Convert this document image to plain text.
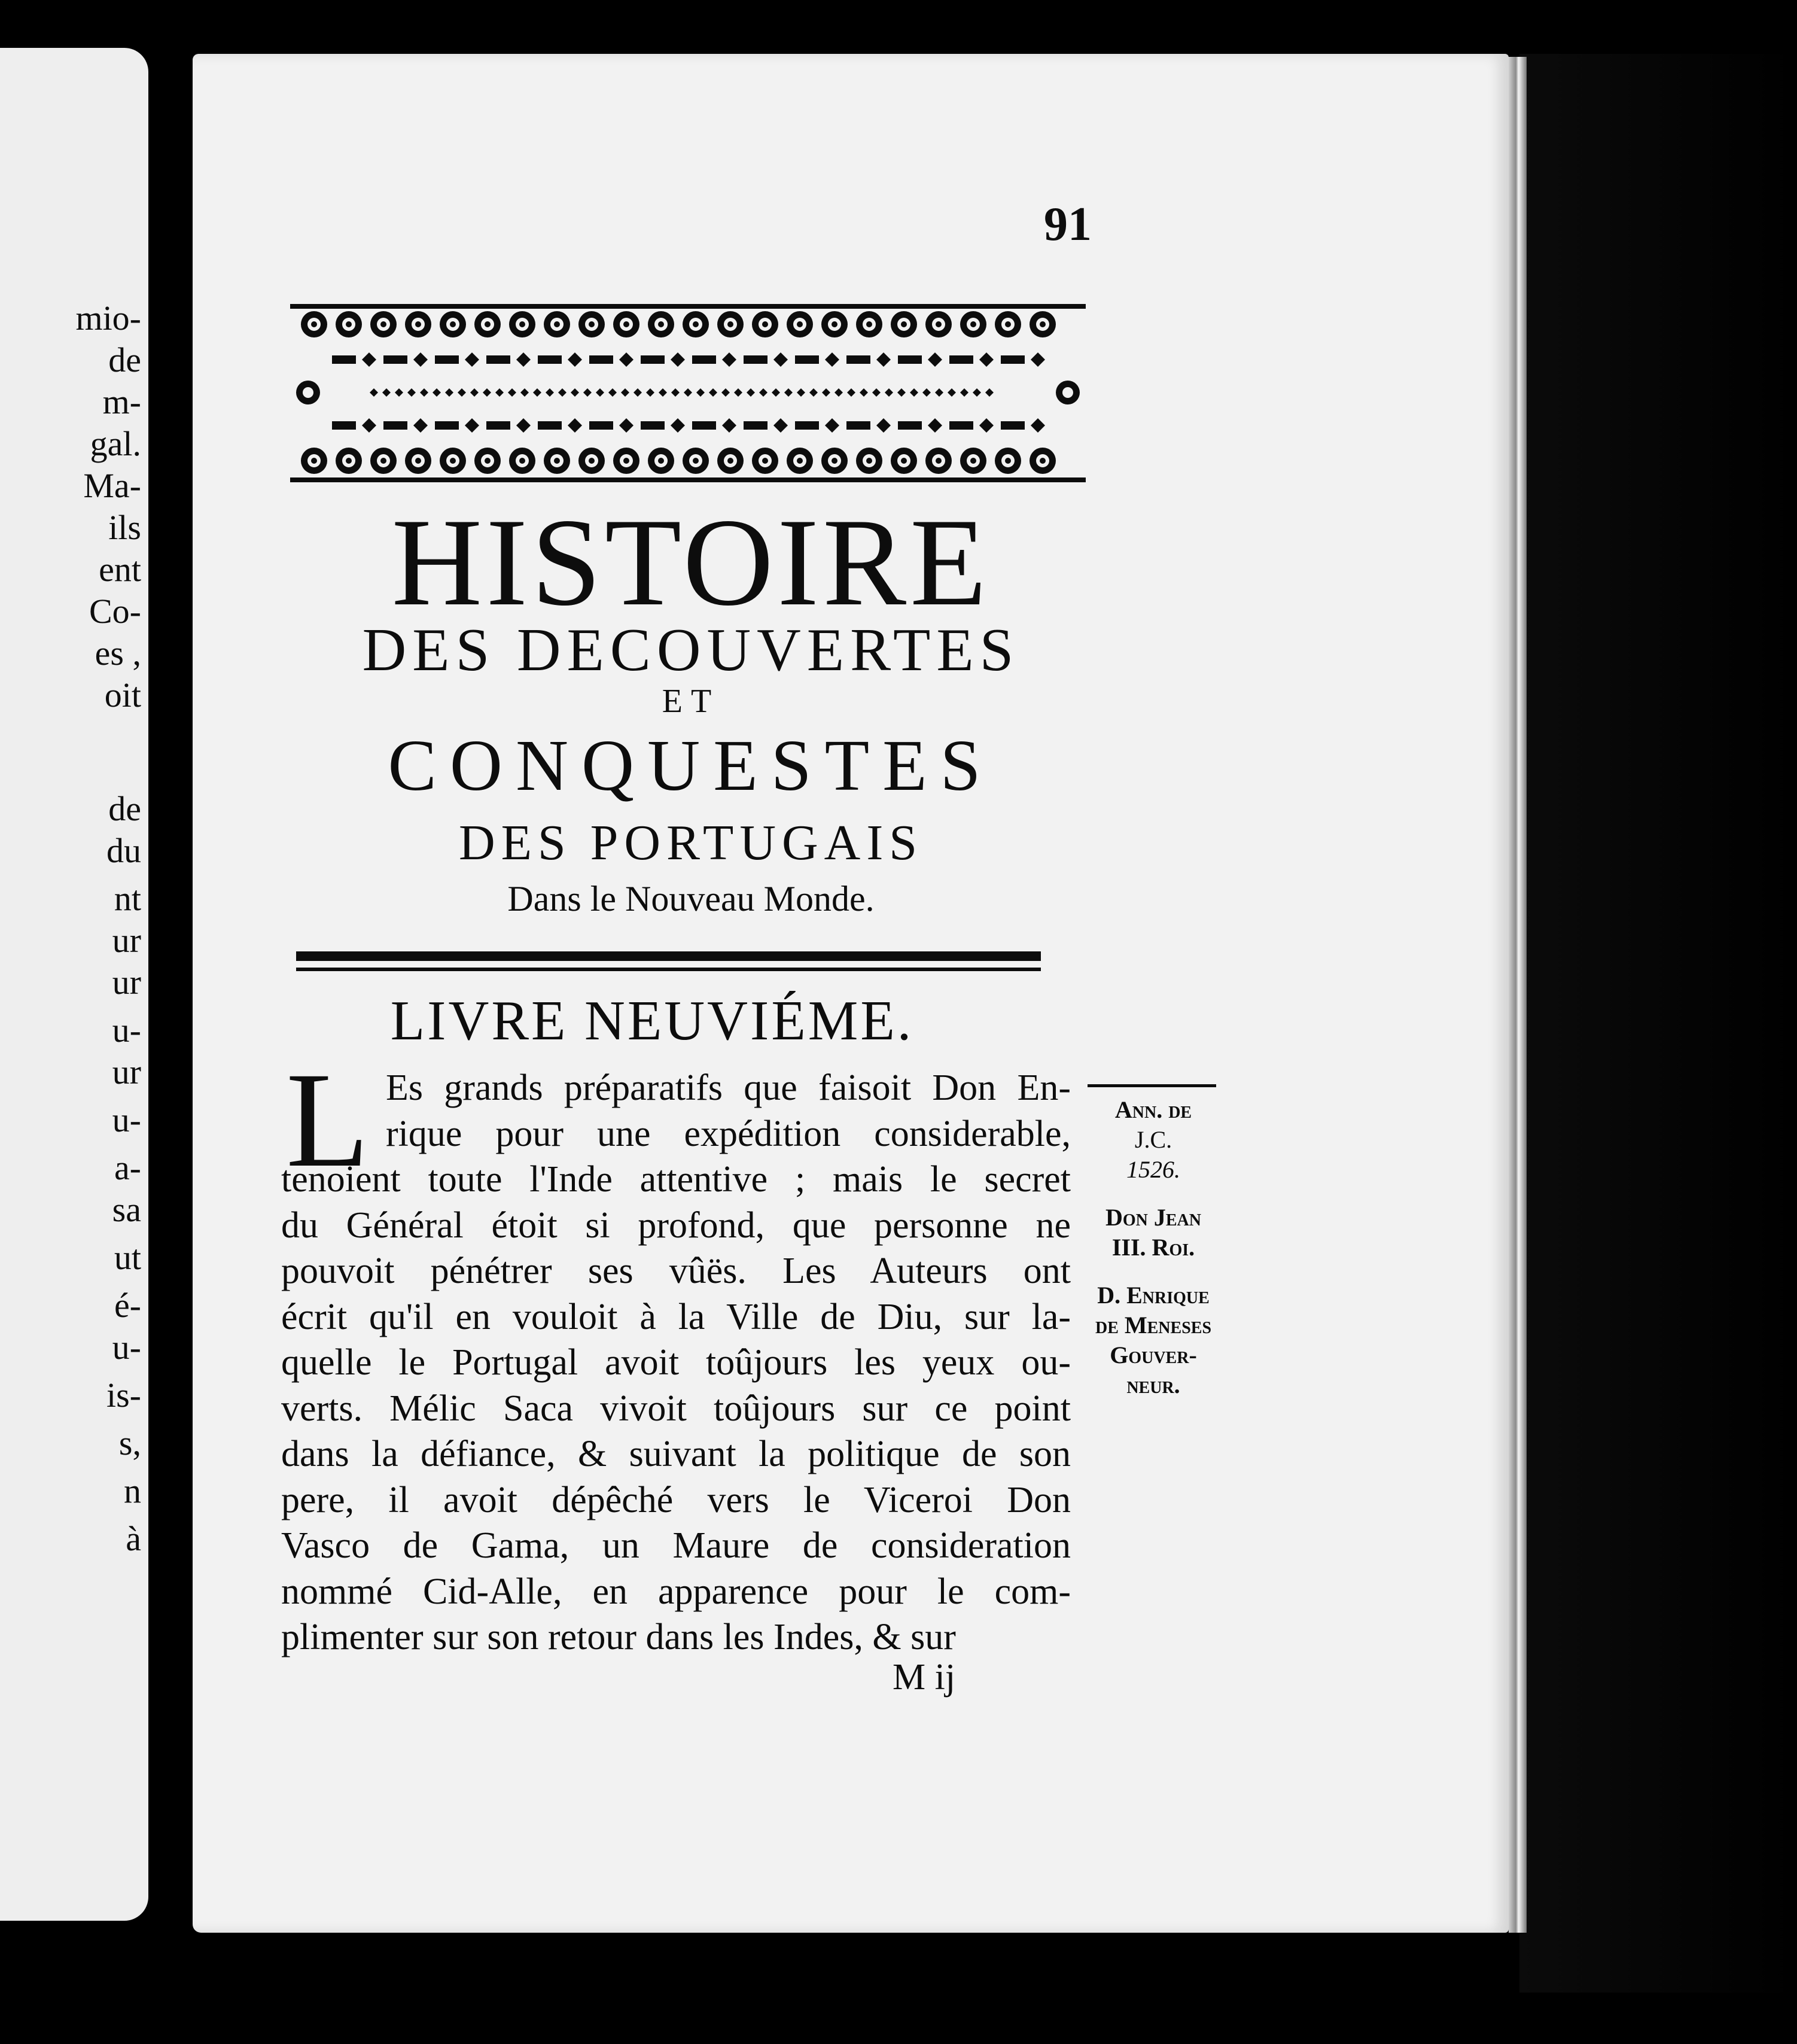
mio-
de
m-
gal.
Ma-
ils
ent
Co-
es ,
oit
de
du
nt
ur
ur
u-
ur
u-
a-
sa
ut
é-
u-
is-
s,
n
à
91
HISTOIRE
DES DECOUVERTES
ET
CONQUESTES
DES PORTUGAIS
Dans le Nouveau Monde.
LIVRE NEUVIÉME.
L Es grands préparatifs que faisoit Don En-
rique pour une expédition considerable,
tenoient toute l'Inde attentive ; mais le secret
du Général étoit si profond, que personne ne
pouvoit pénétrer ses vûës. Les Auteurs ont
écrit qu'il en vouloit à la Ville de Diu, sur la-
quelle le Portugal avoit toûjours les yeux ou-
verts. Mélic Saca vivoit toûjours sur ce point
dans la défiance, & suivant la politique de son
pere, il avoit dépêché vers le Viceroi Don
Vasco de Gama, un Maure de consideration
nommé Cid-Alle, en apparence pour le com-
plimenter sur son retour dans les Indes, & sur
M ij
Ann. de
J.C.
1526.
Don Jean
III. Roi.
D. Enrique
de Meneses
Gouver-
neur.
